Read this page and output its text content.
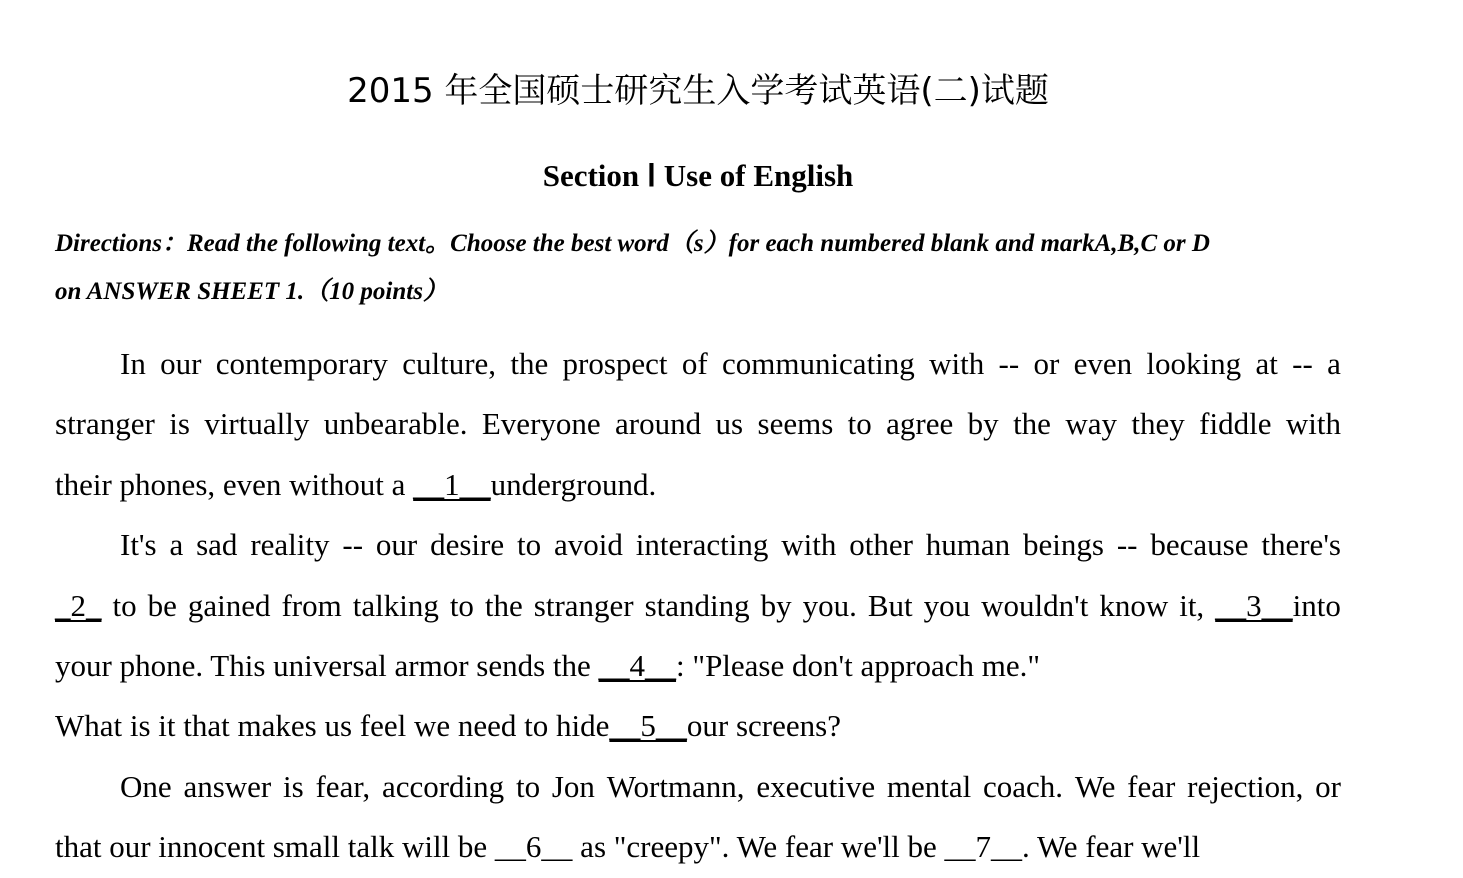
2015 年全国硕士研究生入学考试英语(二)试题
Section Ⅰ Use of English

Directions：Read the following text。Choose the best word（s）for each numbered blank and markA,B,C or D
on ANSWER SHEET 1.（10 points）

In our contemporary culture, the prospect of communicating with -- or even looking at -- a
stranger is virtually unbearable. Everyone around us seems to agree by the way they fiddle with
their phones, even without a __1__underground.
It's a sad reality -- our desire to avoid interacting with other human beings -- because there's
_2_ to be gained from talking to the stranger standing by you. But you wouldn't know it, __3__into
your phone. This universal armor sends the __4__: "Please don't approach me."
What is it that makes us feel we need to hide__5__our screens?
One answer is fear, according to Jon Wortmann, executive mental coach. We fear rejection, or
that our innocent small talk will be __6__ as "creepy". We fear we'll be __7__. We fear we'll
